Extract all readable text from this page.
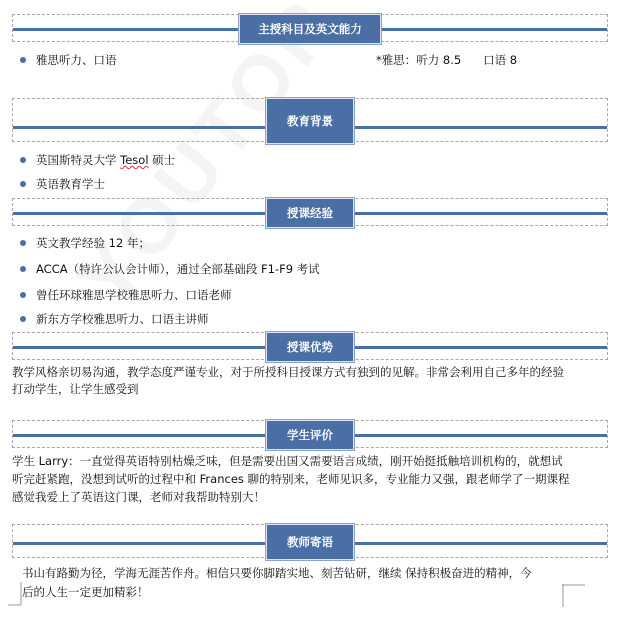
主授科目及英文能力
雅思听力、口语	*雅思：听力 8.5      口语 8
教育背景
英国斯特灵大学 Tesol 硕士
英语教育学士
授课经验
英文教学经验 12 年；
ACCA（特许公认会计师），通过全部基础段 F1-F9 考试
曾任环球雅思学校雅思听力、口语老师
新东方学校雅思听力、口语主讲师
授课优势
教学风格亲切易沟通，教学态度严谨专业，对于所授科目授课方式有独到的见解。非常会利用自己多年的经验
打动学生，让学生感受到
学生评价
学生 Larry：一直觉得英语特别枯燥乏味，但是需要出国又需要语言成绩，刚开始挺抵触培训机构的，就想试
听完赶紧跑，没想到试听的过程中和 Frances 聊的特别来，老师见识多，专业能力又强，跟老师学了一期课程
感觉我爱上了英语这门课，老师对我帮助特别大！
教师寄语
书山有路勤为径，学海无涯苦作舟。相信只要你脚踏实地、刻苦钻研，继续 保持积极奋进的精神，今
后的人生一定更加精彩！
